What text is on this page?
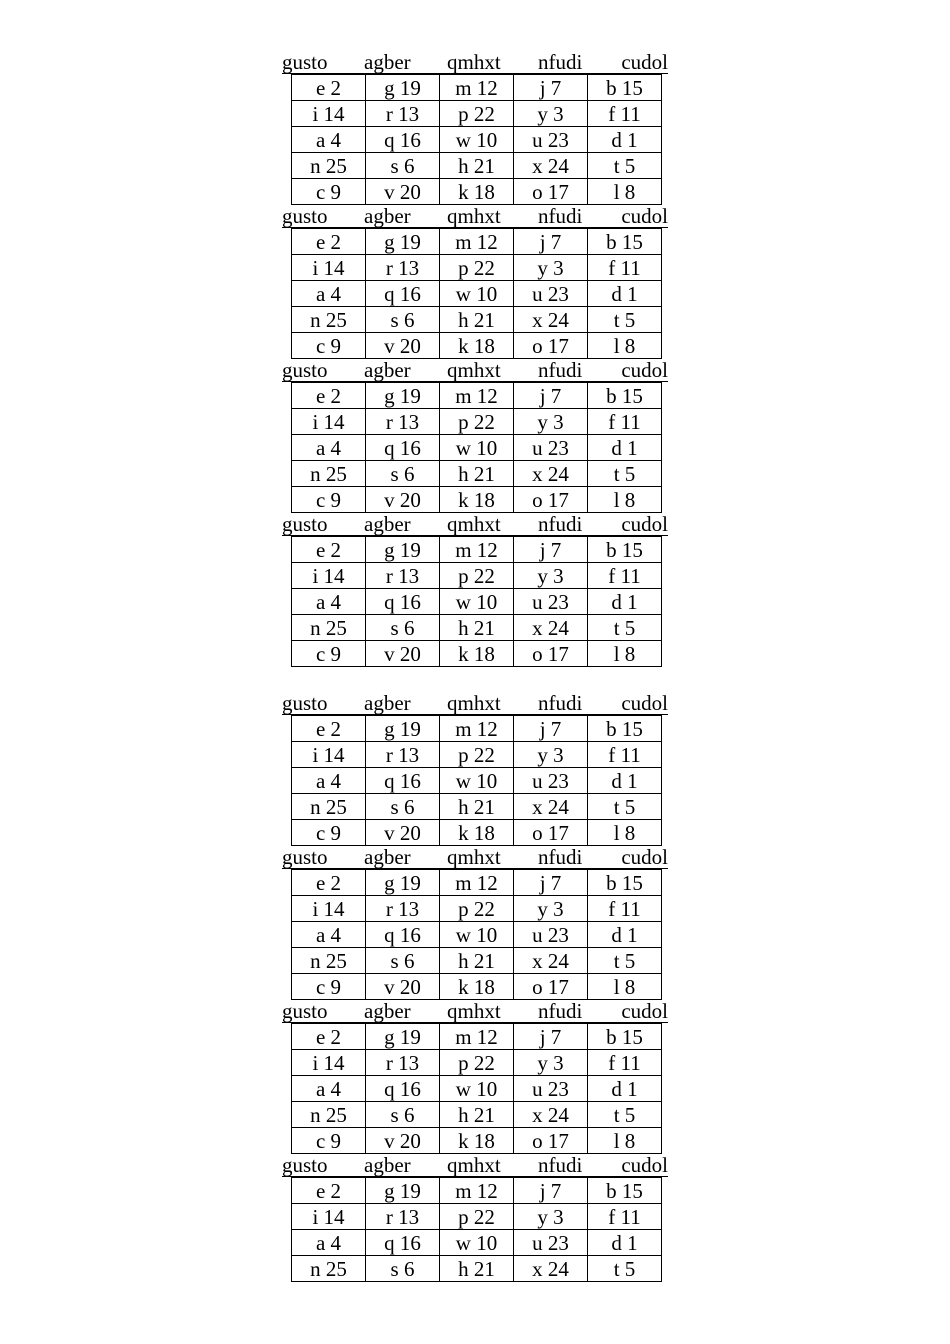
gusto agber qmhxt nfudi cudol
e 2	g 19	m 12	j 7	b 15
i 14	r 13	p 22	y 3	f 11
a 4	q 16	w 10	u 23	d 1
n 25	s 6	h 21	x 24	t 5
c 9	v 20	k 18	o 17	l 8
gusto agber qmhxt nfudi cudol
e 2	g 19	m 12	j 7	b 15
i 14	r 13	p 22	y 3	f 11
a 4	q 16	w 10	u 23	d 1
n 25	s 6	h 21	x 24	t 5
c 9	v 20	k 18	o 17	l 8
gusto agber qmhxt nfudi cudol
e 2	g 19	m 12	j 7	b 15
i 14	r 13	p 22	y 3	f 11
a 4	q 16	w 10	u 23	d 1
n 25	s 6	h 21	x 24	t 5
c 9	v 20	k 18	o 17	l 8
gusto agber qmhxt nfudi cudol
e 2	g 19	m 12	j 7	b 15
i 14	r 13	p 22	y 3	f 11
a 4	q 16	w 10	u 23	d 1
n 25	s 6	h 21	x 24	t 5
c 9	v 20	k 18	o 17	l 8
gusto agber qmhxt nfudi cudol
e 2	g 19	m 12	j 7	b 15
i 14	r 13	p 22	y 3	f 11
a 4	q 16	w 10	u 23	d 1
n 25	s 6	h 21	x 24	t 5
c 9	v 20	k 18	o 17	l 8
gusto agber qmhxt nfudi cudol
e 2	g 19	m 12	j 7	b 15
i 14	r 13	p 22	y 3	f 11
a 4	q 16	w 10	u 23	d 1
n 25	s 6	h 21	x 24	t 5
c 9	v 20	k 18	o 17	l 8
gusto agber qmhxt nfudi cudol
e 2	g 19	m 12	j 7	b 15
i 14	r 13	p 22	y 3	f 11
a 4	q 16	w 10	u 23	d 1
n 25	s 6	h 21	x 24	t 5
c 9	v 20	k 18	o 17	l 8
gusto agber qmhxt nfudi cudol
e 2	g 19	m 12	j 7	b 15
i 14	r 13	p 22	y 3	f 11
a 4	q 16	w 10	u 23	d 1
n 25	s 6	h 21	x 24	t 5
